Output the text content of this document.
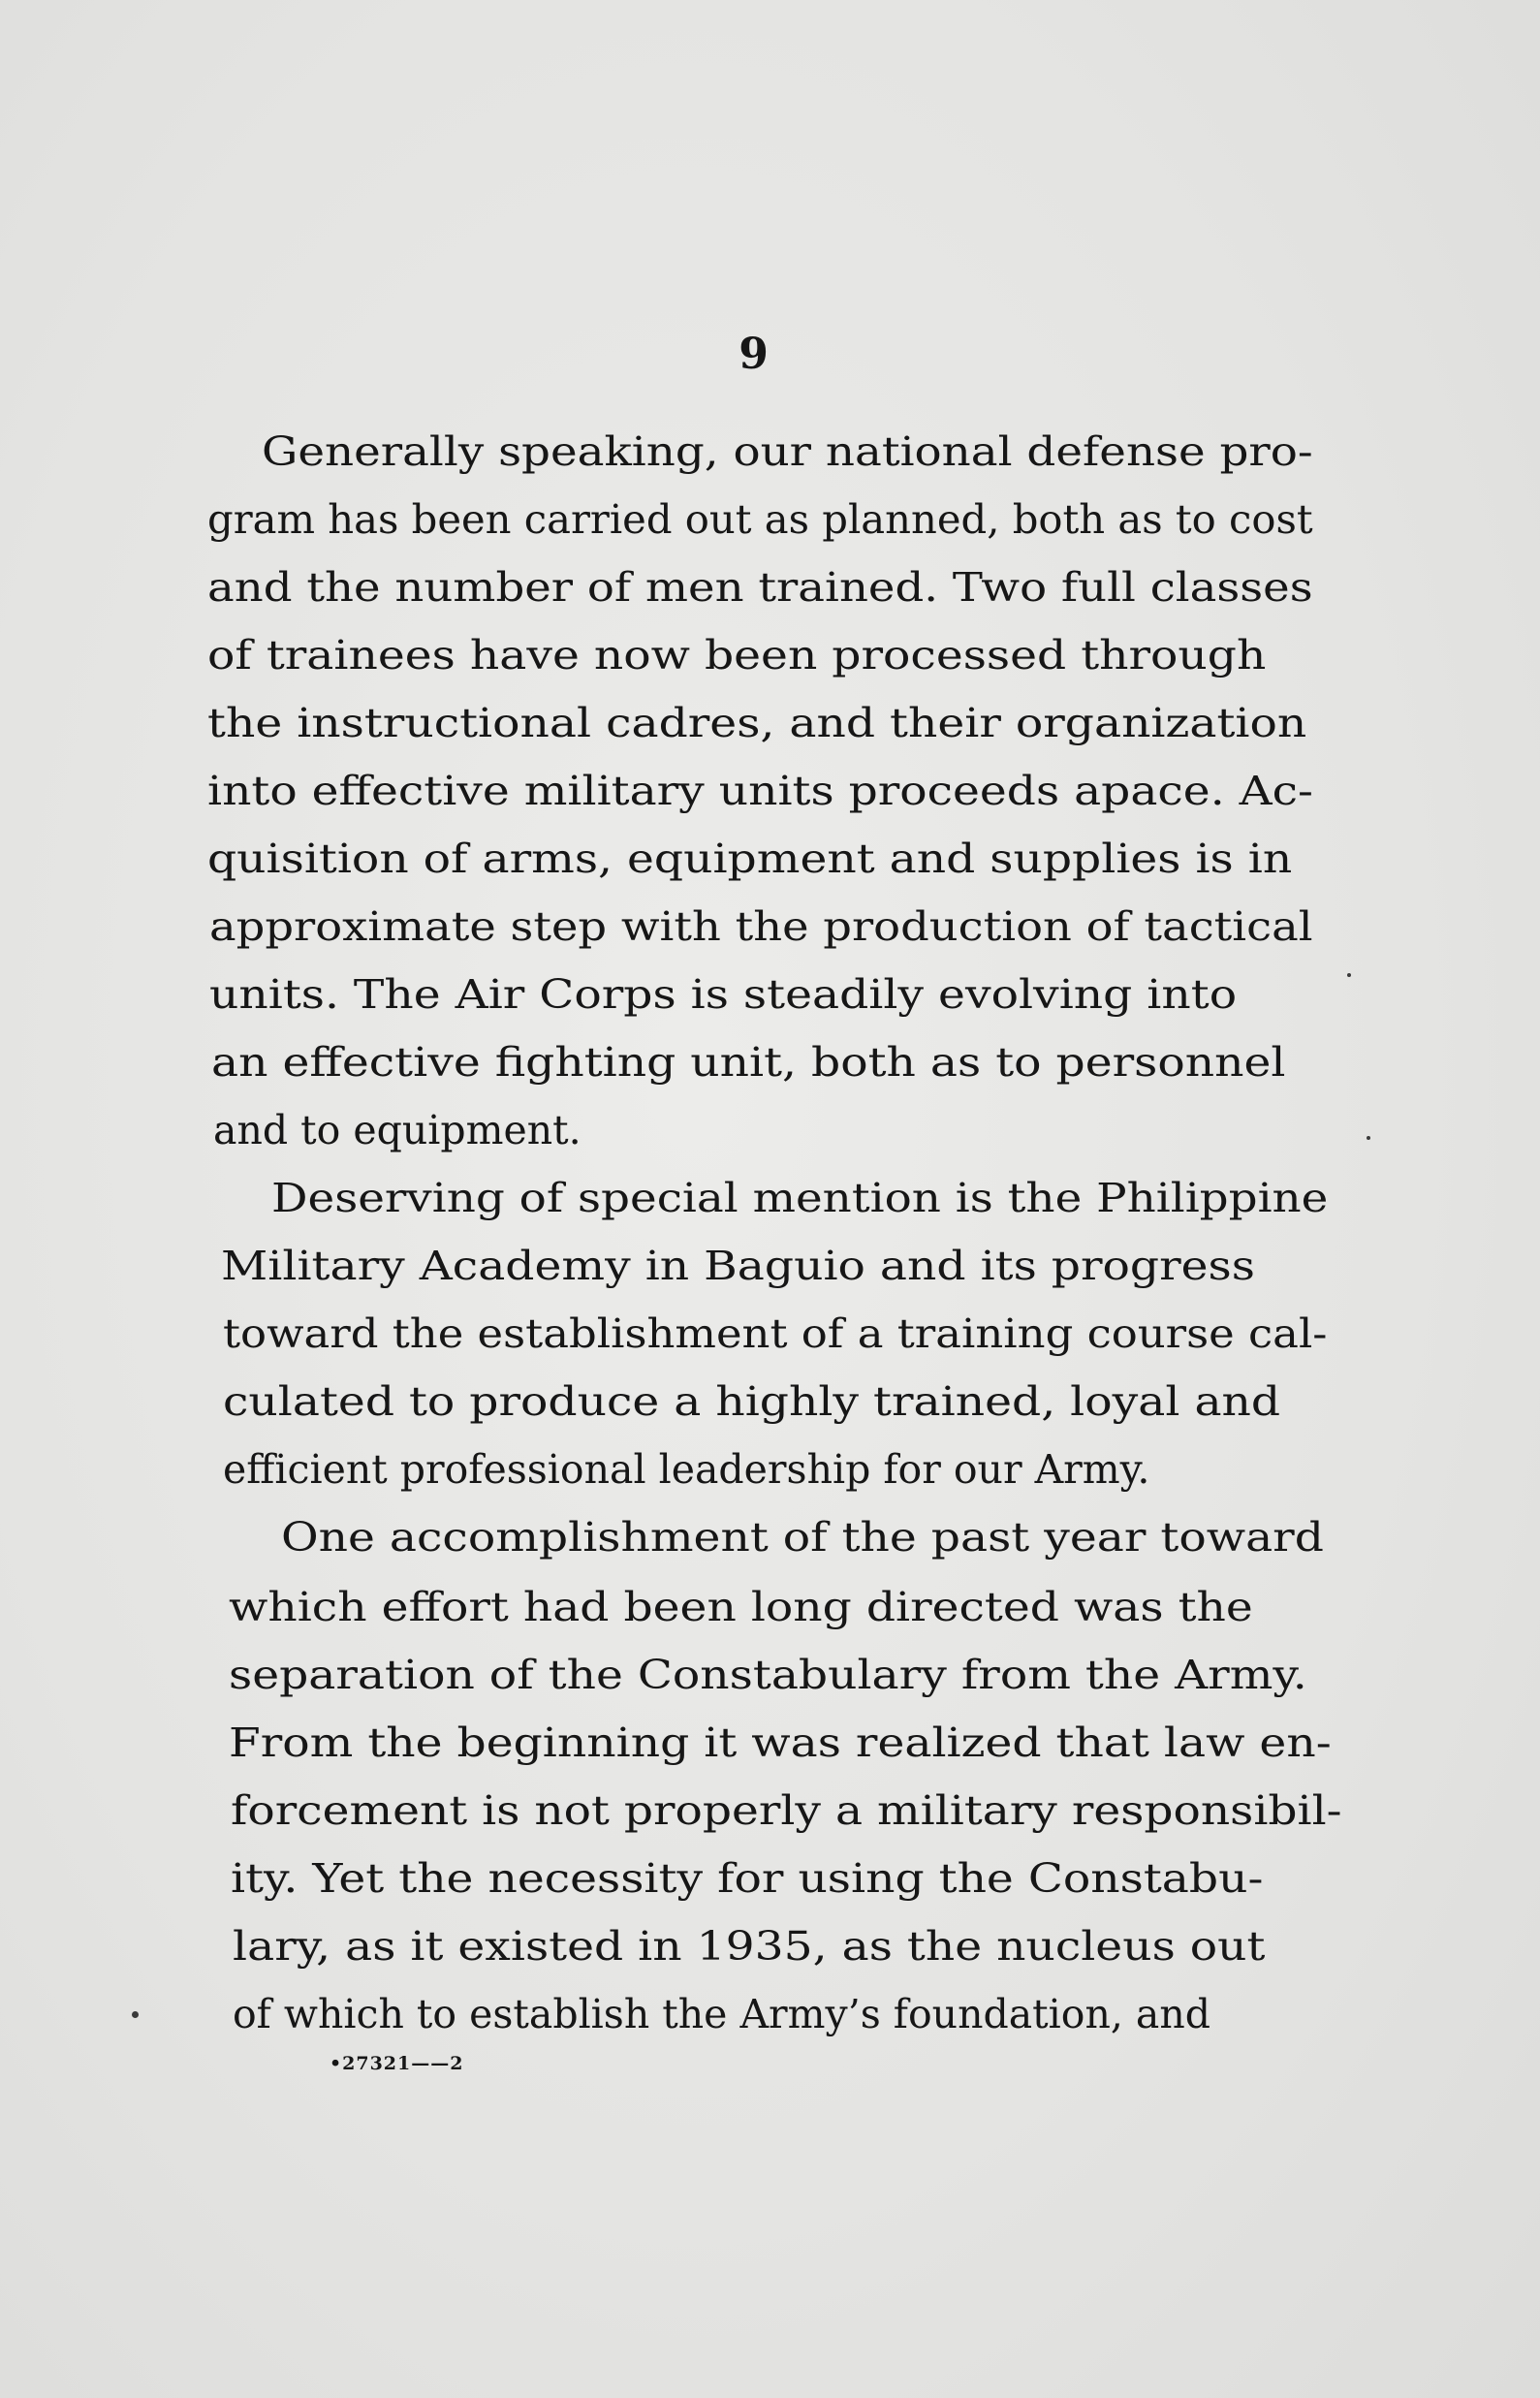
9
Generally speaking, our national defense pro-
gram has been carried out as planned, both as to cost
and the number of men trained. Two full classes
of trainees have now been processed through
the instructional cadres, and their organization
into effective military units proceeds apace. Ac-
quisition of arms, equipment and supplies is in
approximate step with the production of tactical
units. The Air Corps is steadily evolving into
an effective fighting unit, both as to personnel
and to equipment.
Deserving of special mention is the Philippine
Military Academy in Baguio and its progress
toward the establishment of a training course cal-
culated to produce a highly trained, loyal and
efficient professional leadership for our Army.
One accomplishment of the past year toward
which effort had been long directed was the
separation of the Constabulary from the Army.
From the beginning it was realized that law en-
forcement is not properly a military responsibil-
ity. Yet the necessity for using the Constabu-
lary, as it existed in 1935, as the nucleus out
of which to establish the Army’s foundation, and
•27321——2
